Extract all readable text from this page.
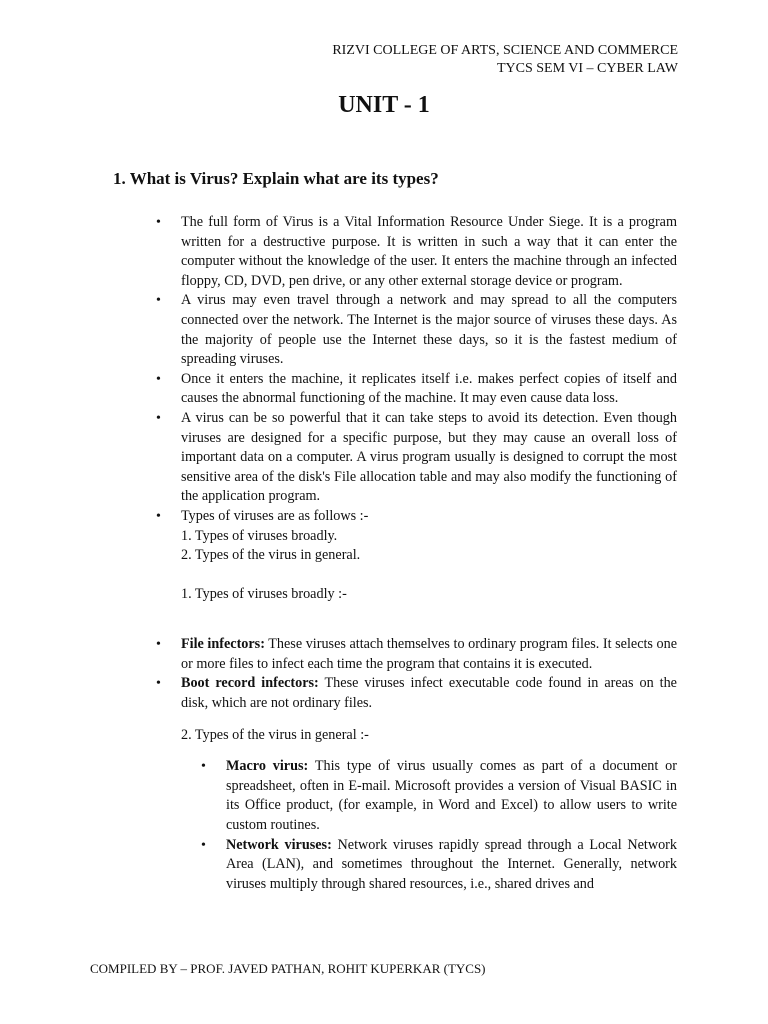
RIZVI COLLEGE OF ARTS, SCIENCE AND COMMERCE
TYCS SEM VI – CYBER LAW
UNIT - 1
1. What is Virus? Explain what are its types?
• The full form of Virus is a Vital Information Resource Under Siege. It is a program written for a destructive purpose. It is written in such a way that it can enter the computer without the knowledge of the user. It enters the machine through an infected floppy, CD, DVD, pen drive, or any other external storage device or program.
• A virus may even travel through a network and may spread to all the computers connected over the network. The Internet is the major source of viruses these days. As the majority of people use the Internet these days, so it is the fastest medium of spreading viruses.
• Once it enters the machine, it replicates itself i.e. makes perfect copies of itself and causes the abnormal functioning of the machine. It may even cause data loss.
• A virus can be so powerful that it can take steps to avoid its detection. Even though viruses are designed for a specific purpose, but they may cause an overall loss of important data on a computer. A virus program usually is designed to corrupt the most sensitive area of the disk's File allocation table and may also modify the functioning of the application program.
• Types of viruses are as follows :-
1. Types of viruses broadly.
2. Types of the virus in general.
1. Types of viruses broadly :-
• File infectors: These viruses attach themselves to ordinary program files. It selects one or more files to infect each time the program that contains it is executed.
• Boot record infectors: These viruses infect executable code found in areas on the disk, which are not ordinary files.
2. Types of the virus in general :-
• Macro virus: This type of virus usually comes as part of a document or spreadsheet, often in E-mail. Microsoft provides a version of Visual BASIC in its Office product, (for example, in Word and Excel) to allow users to write custom routines.
• Network viruses: Network viruses rapidly spread through a Local Network Area (LAN), and sometimes throughout the Internet. Generally, network viruses multiply through shared resources, i.e., shared drives and
COMPILED BY – PROF. JAVED PATHAN, ROHIT KUPERKAR (TYCS)
